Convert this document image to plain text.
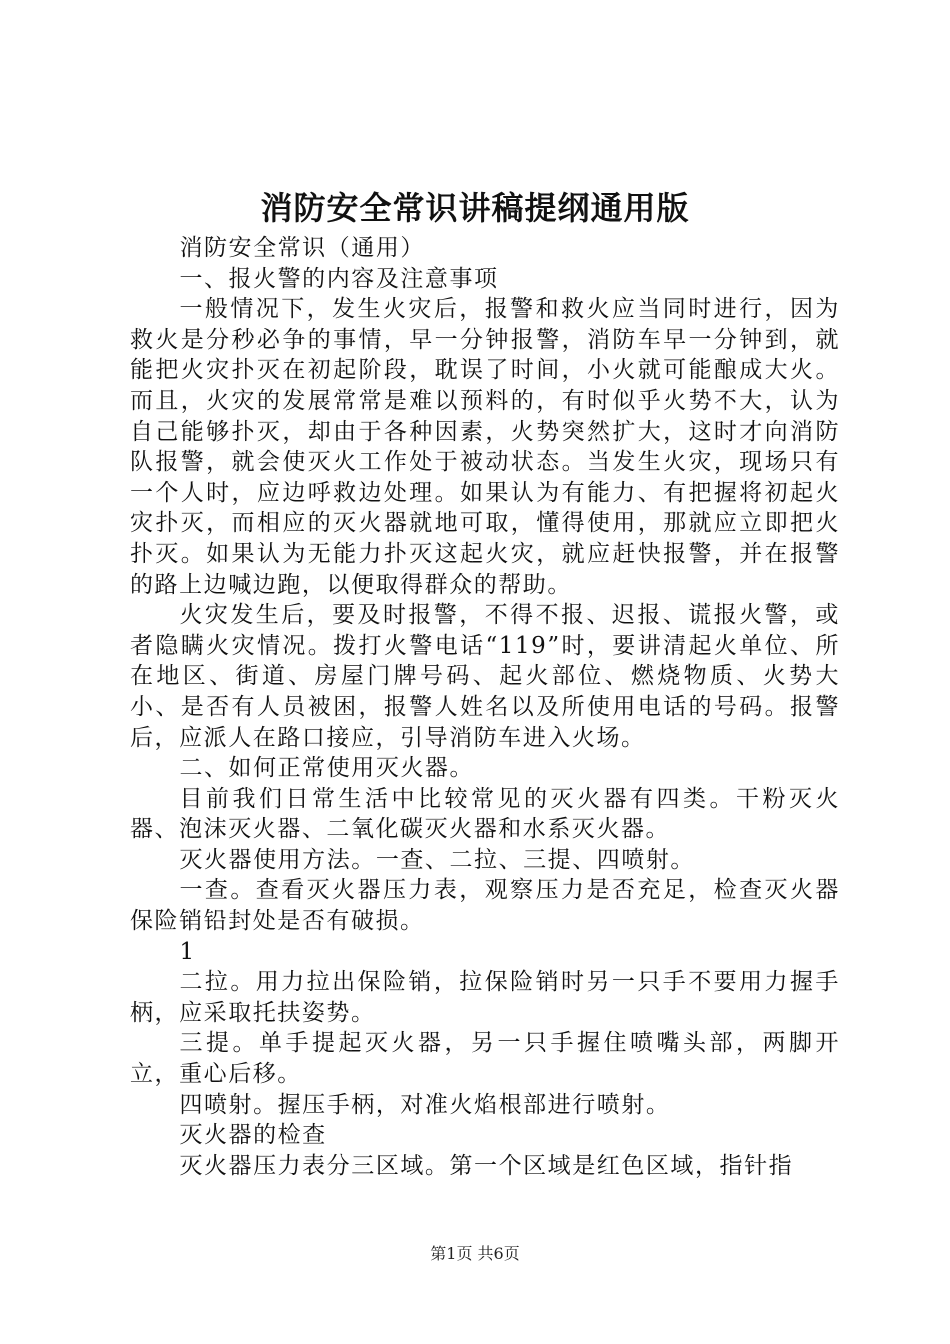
消防安全常识讲稿提纲通用版

消防安全常识（通用）

一、报火警的内容及注意事项

一般情况下，发生火灾后，报警和救火应当同时进行，因为救火是分秒必争的事情，早一分钟报警，消防车早一分钟到，就能把火灾扑灭在初起阶段，耽误了时间，小火就可能酿成大火。而且，火灾的发展常常是难以预料的，有时似乎火势不大，认为自己能够扑灭，却由于各种因素，火势突然扩大，这时才向消防队报警，就会使灭火工作处于被动状态。当发生火灾，现场只有一个人时，应边呼救边处理。如果认为有能力、有把握将初起火灾扑灭，而相应的灭火器就地可取，懂得使用，那就应立即把火扑灭。如果认为无能力扑灭这起火灾，就应赶快报警，并在报警的路上边喊边跑，以便取得群众的帮助。

火灾发生后，要及时报警，不得不报、迟报、谎报火警，或者隐瞒火灾情况。拨打火警电话“119”时，要讲清起火单位、所在地区、街道、房屋门牌号码、起火部位、燃烧物质、火势大小、是否有人员被困，报警人姓名以及所使用电话的号码。报警后，应派人在路口接应，引导消防车进入火场。

二、如何正常使用灭火器。

目前我们日常生活中比较常见的灭火器有四类。干粉灭火器、泡沫灭火器、二氧化碳灭火器和水系灭火器。

灭火器使用方法。一查、二拉、三提、四喷射。

一查。查看灭火器压力表，观察压力是否充足，检查灭火器保险销铅封处是否有破损。

1

二拉。用力拉出保险销，拉保险销时另一只手不要用力握手柄，应采取托扶姿势。

三提。单手提起灭火器，另一只手握住喷嘴头部，两脚开立，重心后移。

四喷射。握压手柄，对准火焰根部进行喷射。

灭火器的检查

灭火器压力表分三区域。第一个区域是红色区域，指针指

第1页 共6页
